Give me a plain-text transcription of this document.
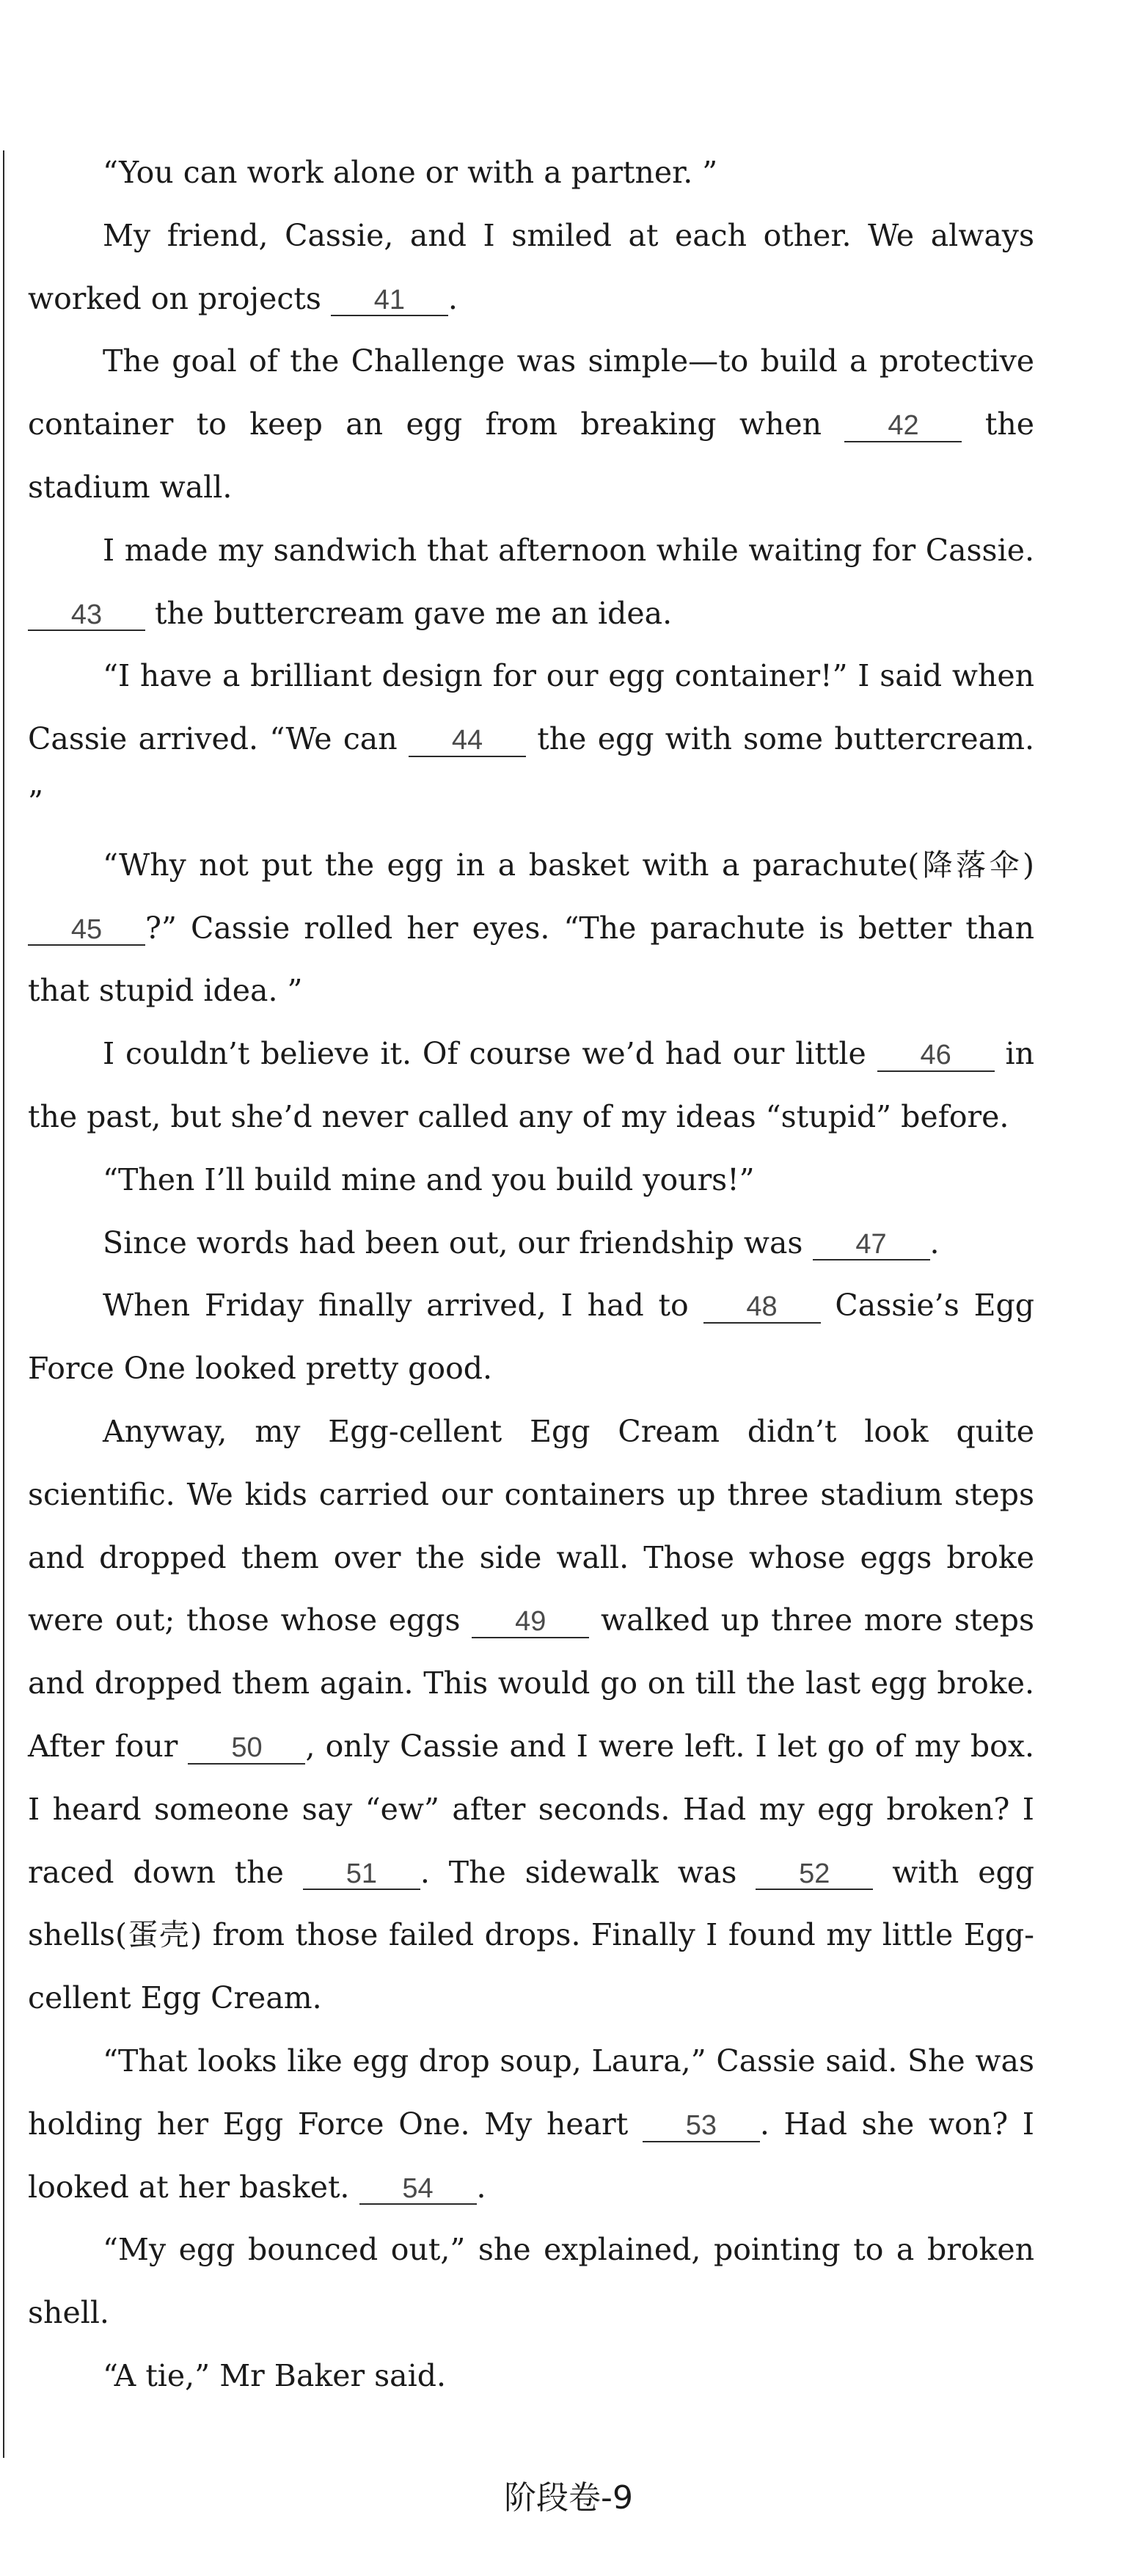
“You can work alone or with a partner. ”

My friend, Cassie, and I smiled at each other. We always worked on projects 41 .

The goal of the Challenge was simple—to build a protective container to keep an egg from breaking when 42 the stadium wall.

I made my sandwich that afternoon while waiting for Cassie. 43 the buttercream gave me an idea.

“I have a brilliant design for our egg container!” I said when Cassie arrived. “We can 44 the egg with some buttercream. ”

“Why not put the egg in a basket with a parachute(降落伞) 45 ?” Cassie rolled her eyes. “The parachute is better than that stupid idea. ”

I couldn’t believe it. Of course we’d had our little 46 in the past, but she’d never called any of my ideas “stupid” before.

“Then I’ll build mine and you build yours!”

Since words had been out, our friendship was 47 .

When Friday finally arrived, I had to 48 Cassie’s Egg Force One looked pretty good.

Anyway, my Egg-cellent Egg Cream didn’t look quite scientific. We kids carried our containers up three stadium steps and dropped them over the side wall. Those whose eggs broke were out; those whose eggs 49 walked up three more steps and dropped them again. This would go on till the last egg broke. After four 50 , only Cassie and I were left. I let go of my box. I heard someone say “ew” after seconds. Had my egg broken? I raced down the 51 . The sidewalk was 52 with egg shells(蛋壳) from those failed drops. Finally I found my little Egg-cellent Egg Cream.

“That looks like egg drop soup, Laura,” Cassie said. She was holding her Egg Force One. My heart 53 . Had she won? I looked at her basket. 54 .

“My egg bounced out,” she explained, pointing to a broken shell.

“A tie,” Mr Baker said.

阶段卷-9
